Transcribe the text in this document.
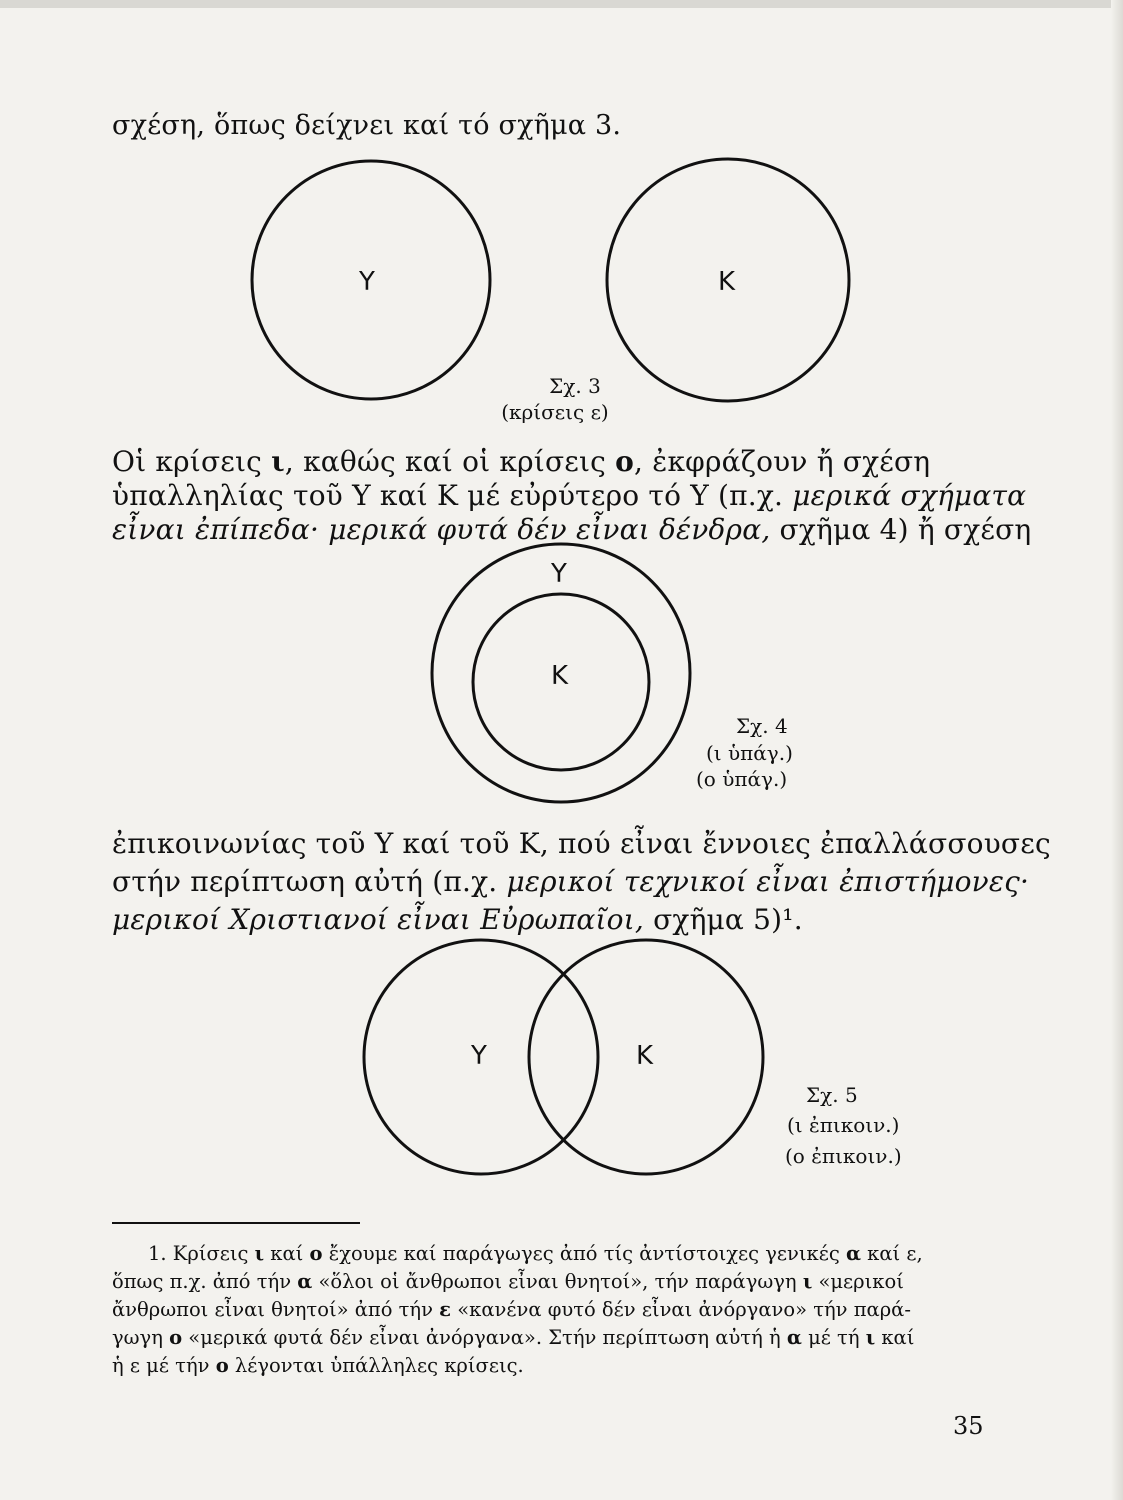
σχέση, ὅπως δείχνει καί τό σχῆμα 3.
Υ	Κ
Υ
Κ
Υ	Κ
Σχ. 3
(κρίσεις ε)
Οἱ κρίσεις ι, καθώς καί οἱ κρίσεις ο, ἐκφράζουν ἤ σχέση
ὑπαλληλίας τοῦ Υ καί Κ μέ εὐρύτερο τό Υ (π.χ. μερικά σχήματα
εἶναι ἐπίπεδα· μερικά φυτά δέν εἶναι δένδρα, σχῆμα 4) ἤ σχέση
Σχ. 4
(ι ὑπάγ.)
(ο ὑπάγ.)
ἐπικοινωνίας τοῦ Υ καί τοῦ Κ, πού εἶναι ἔννοιες ἐπαλλάσσουσες
στήν περίπτωση αὐτή (π.χ. μερικοί τεχνικοί εἶναι ἐπιστήμονες·
μερικοί Χριστιανοί εἶναι Εὐρωπαῖοι, σχῆμα 5)¹.
Σχ. 5
(ι ἐπικοιν.)
(ο ἐπικοιν.)
1. Κρίσεις ι καί ο ἔχουμε καί παράγωγες ἀπό τίς ἀντίστοιχες γενικές α καί ε,
ὅπως π.χ. ἀπό τήν α «ὅλοι οἱ ἄνθρωποι εἶναι θνητοί», τήν παράγωγη ι «μερικοί
ἄνθρωποι εἶναι θνητοί» ἀπό τήν ε «κανένα φυτό δέν εἶναι ἀνόργανο» τήν παρά-
γωγη ο «μερικά φυτά δέν εἶναι ἀνόργανα». Στήν περίπτωση αὐτή ἡ α μέ τή ι καί
ἡ ε μέ τήν ο λέγονται ὑπάλληλες κρίσεις.
35
